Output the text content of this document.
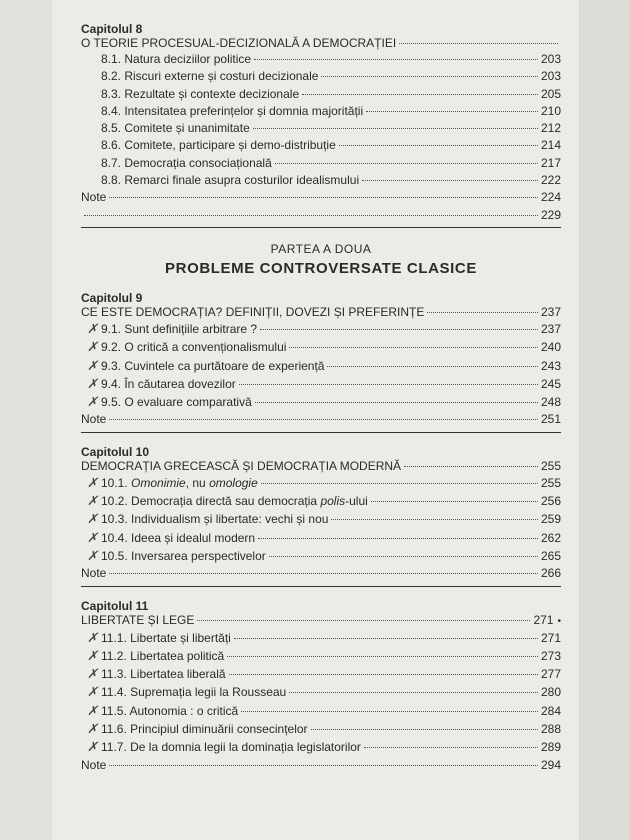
Capitolul 8
O TEORIE PROCESUAL-DECIZIONALĂ A DEMOCRAȚIEI
8.1. Natura deciziilor politice	203
8.2. Riscuri externe și costuri decizionale	203
8.3. Rezultate și contexte decizionale	205
8.4. Intensitatea preferințelor și domnia majorității	210
8.5. Comitete și unanimitate	212
8.6. Comitete, participare și demo-distribuție	214
8.7. Democrația consociațională	217
8.8. Remarci finale asupra costurilor idealismului	222
Note	224
229
PARTEA A DOUA
PROBLEME CONTROVERSATE CLASICE
Capitolul 9
CE ESTE DEMOCRAȚIA? DEFINIȚII, DOVEZI ȘI PREFERINȚE	237
✗ 9.1. Sunt definițiile arbitrare ?	237
✗ 9.2. O critică a convenționalismului	240
✗ 9.3. Cuvintele ca purtătoare de experiență	243
✗ 9.4. În căutarea dovezilor	245
✗ 9.5. O evaluare comparativă	248
Note	251
Capitolul 10
DEMOCRAȚIA GRECEASCĂ ȘI DEMOCRAȚIA MODERNĂ	255
✗ 10.1. Omonimie, nu omologie	255
✗ 10.2. Democrația directă sau democrația polis-ului	256
✗ 10.3. Individualism și libertate: vechi și nou	259
✗ 10.4. Ideea și idealul modern	262
✗ 10.5. Inversarea perspectivelor	265
Note	266
Capitolul 11
LIBERTATE ȘI LEGE	271 •
✗ 11.1. Libertate și libertăți	271
✗ 11.2. Libertatea politică	273
✗ 11.3. Libertatea liberală	277
✗ 11.4. Supremația legii la Rousseau	280
✗ 11.5. Autonomia : o critică	284
✗ 11.6. Principiul diminuării consecințelor	288
✗ 11.7. De la domnia legii la dominația legislatorilor	289
Note	294
